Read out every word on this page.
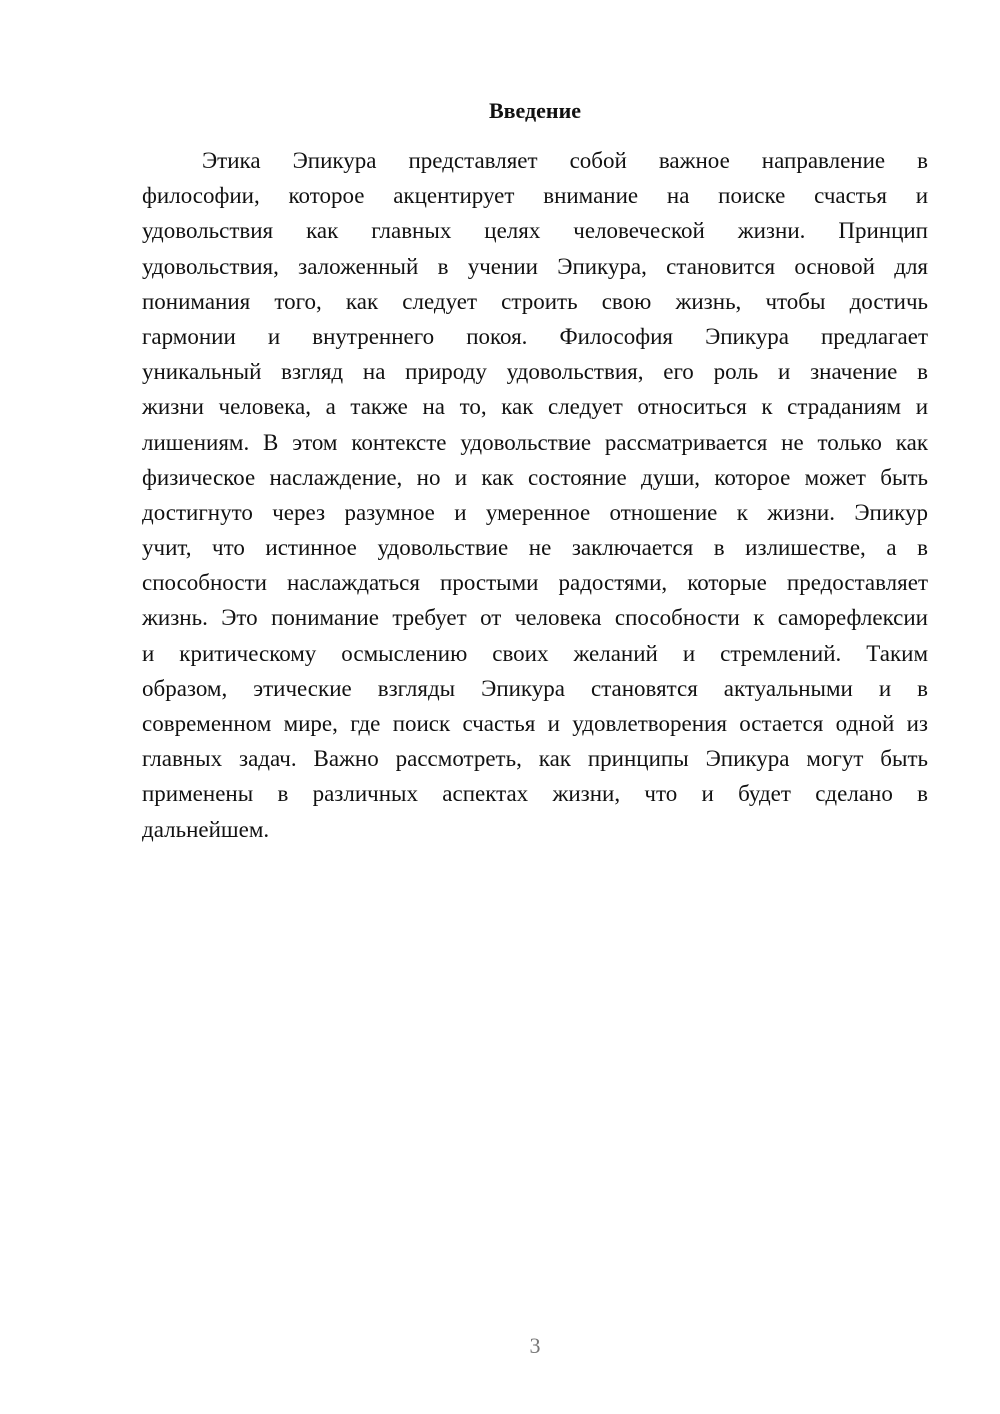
Введение
Этика Эпикура представляет собой важное направление в
философии, которое акцентирует внимание на поиске счастья и
удовольствия как главных целях человеческой жизни. Принцип
удовольствия, заложенный в учении Эпикура, становится основой для
понимания того, как следует строить свою жизнь, чтобы достичь
гармонии и внутреннего покоя. Философия Эпикура предлагает
уникальный взгляд на природу удовольствия, его роль и значение в
жизни человека, а также на то, как следует относиться к страданиям и
лишениям. В этом контексте удовольствие рассматривается не только как
физическое наслаждение, но и как состояние души, которое может быть
достигнуто через разумное и умеренное отношение к жизни. Эпикур
учит, что истинное удовольствие не заключается в излишестве, а в
способности наслаждаться простыми радостями, которые предоставляет
жизнь. Это понимание требует от человека способности к саморефлексии
и критическому осмыслению своих желаний и стремлений. Таким
образом, этические взгляды Эпикура становятся актуальными и в
современном мире, где поиск счастья и удовлетворения остается одной из
главных задач. Важно рассмотреть, как принципы Эпикура могут быть
применены в различных аспектах жизни, что и будет сделано в
дальнейшем.
3
